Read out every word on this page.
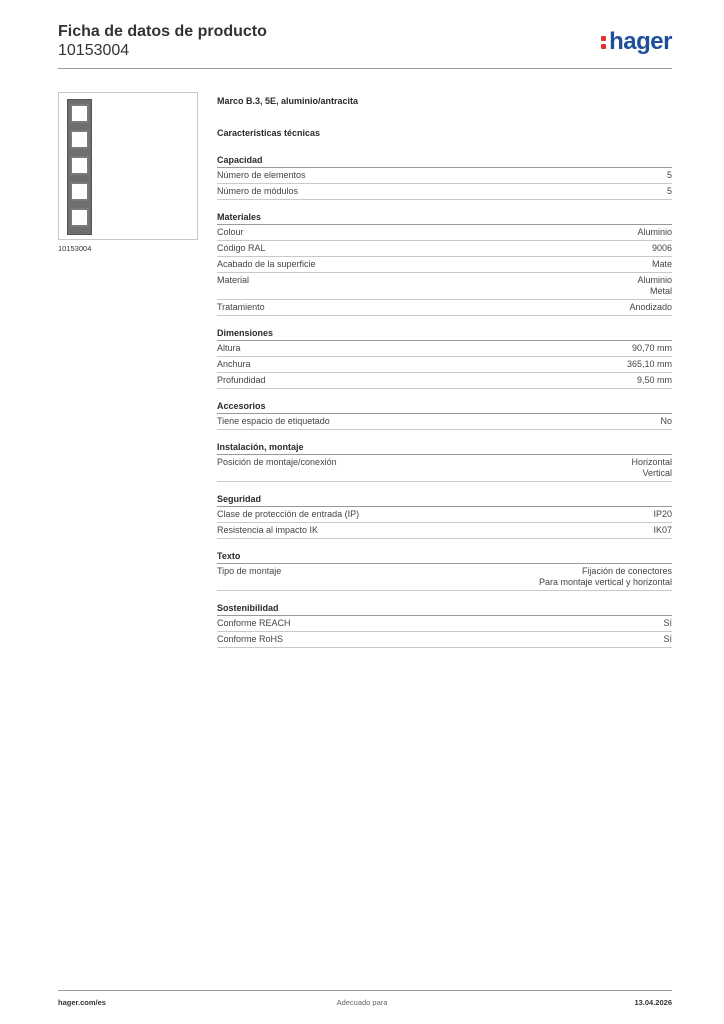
Ficha de datos de producto
10153004	hager
10153004
Marco B.3, 5E, aluminio/antracita
Características técnicas
Capacidad
Número de elementos	5
Número de módulos	5
Materiales
Colour	Aluminio
Código RAL	9006
Acabado de la superficie	Mate
Material	Aluminio
Metal
Tratamiento	Anodizado
Dimensiones
Altura	90,70 mm
Anchura	365,10 mm
Profundidad	9,50 mm
Accesorios
Tiene espacio de etiquetado	No
Instalación, montaje
Posición de montaje/conexión	Horizontal
Vertical
Seguridad
Clase de protección de entrada (IP)	IP20
Resistencia al impacto IK	IK07
Texto
Tipo de montaje	Fijación de conectores
Para montaje vertical y horizontal
Sostenibilidad
Conforme REACH	Sí
Conforme RoHS	Sí
hager.com/es	Adecuado para	13.04.2026
